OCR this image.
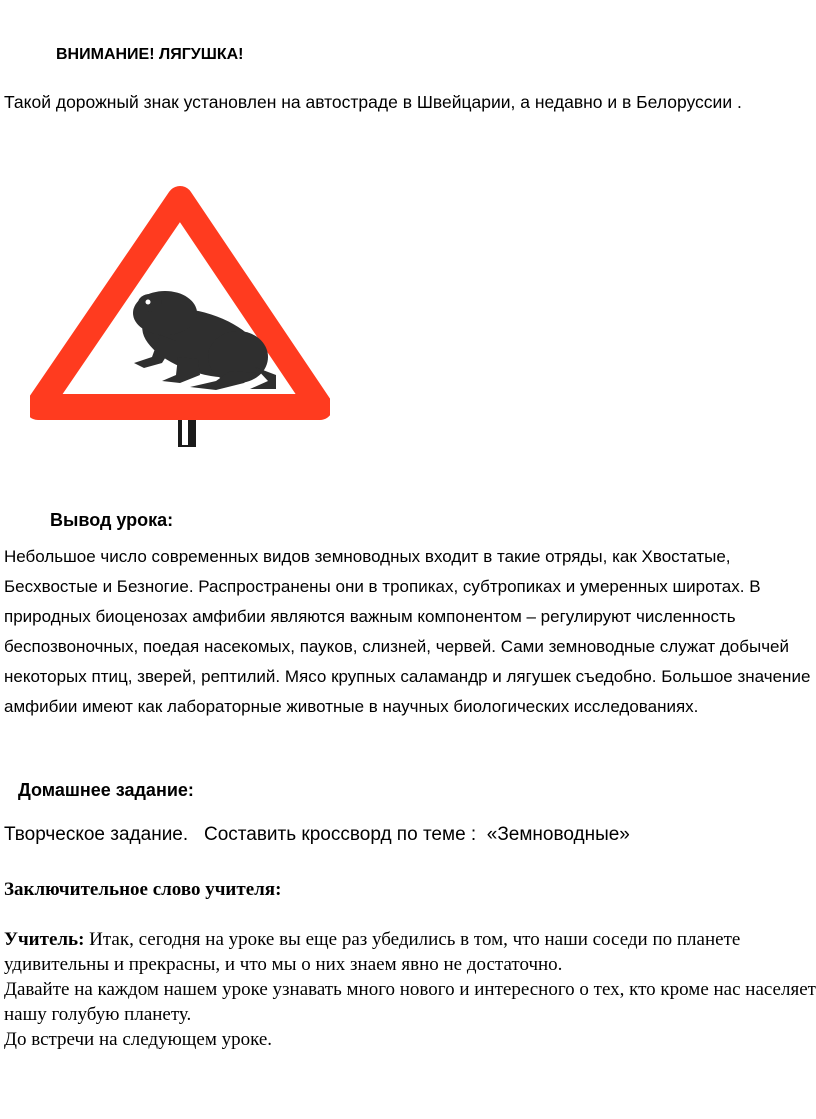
ВНИМАНИЕ! ЛЯГУШКА!
Такой дорожный знак установлен на автостраде в Швейцарии, а недавно и в Белоруссии .
Вывод урока:

Небольшое число современных видов земноводных входит в такие отряды, как Хвостатые, Бесхвостые и Безногие. Распространены они в тропиках, субтропиках и умеренных широтах. В природных биоценозах амфибии являются важным компонентом – регулируют численность беспозвоночных, поедая насекомых, пауков, слизней, червей. Сами земноводные служат добычей некоторых птиц, зверей, рептилий. Мясо крупных саламандр и лягушек съедобно. Большое значение амфибии имеют как лабораторные животные в научных биологических исследованиях.

Домашнее задание:
Творческое задание.   Составить кроссворд по теме :  «Земноводные»
Заключительное слово учителя:

Учитель: Итак, сегодня на уроке вы еще раз убедились в том, что наши соседи по планете удивительны и прекрасны, и что мы о них знаем явно не достаточно.

Давайте на каждом нашем уроке узнавать много нового и интересного о тех, кто кроме нас населяет нашу голубую планету.

До встречи на следующем уроке.
